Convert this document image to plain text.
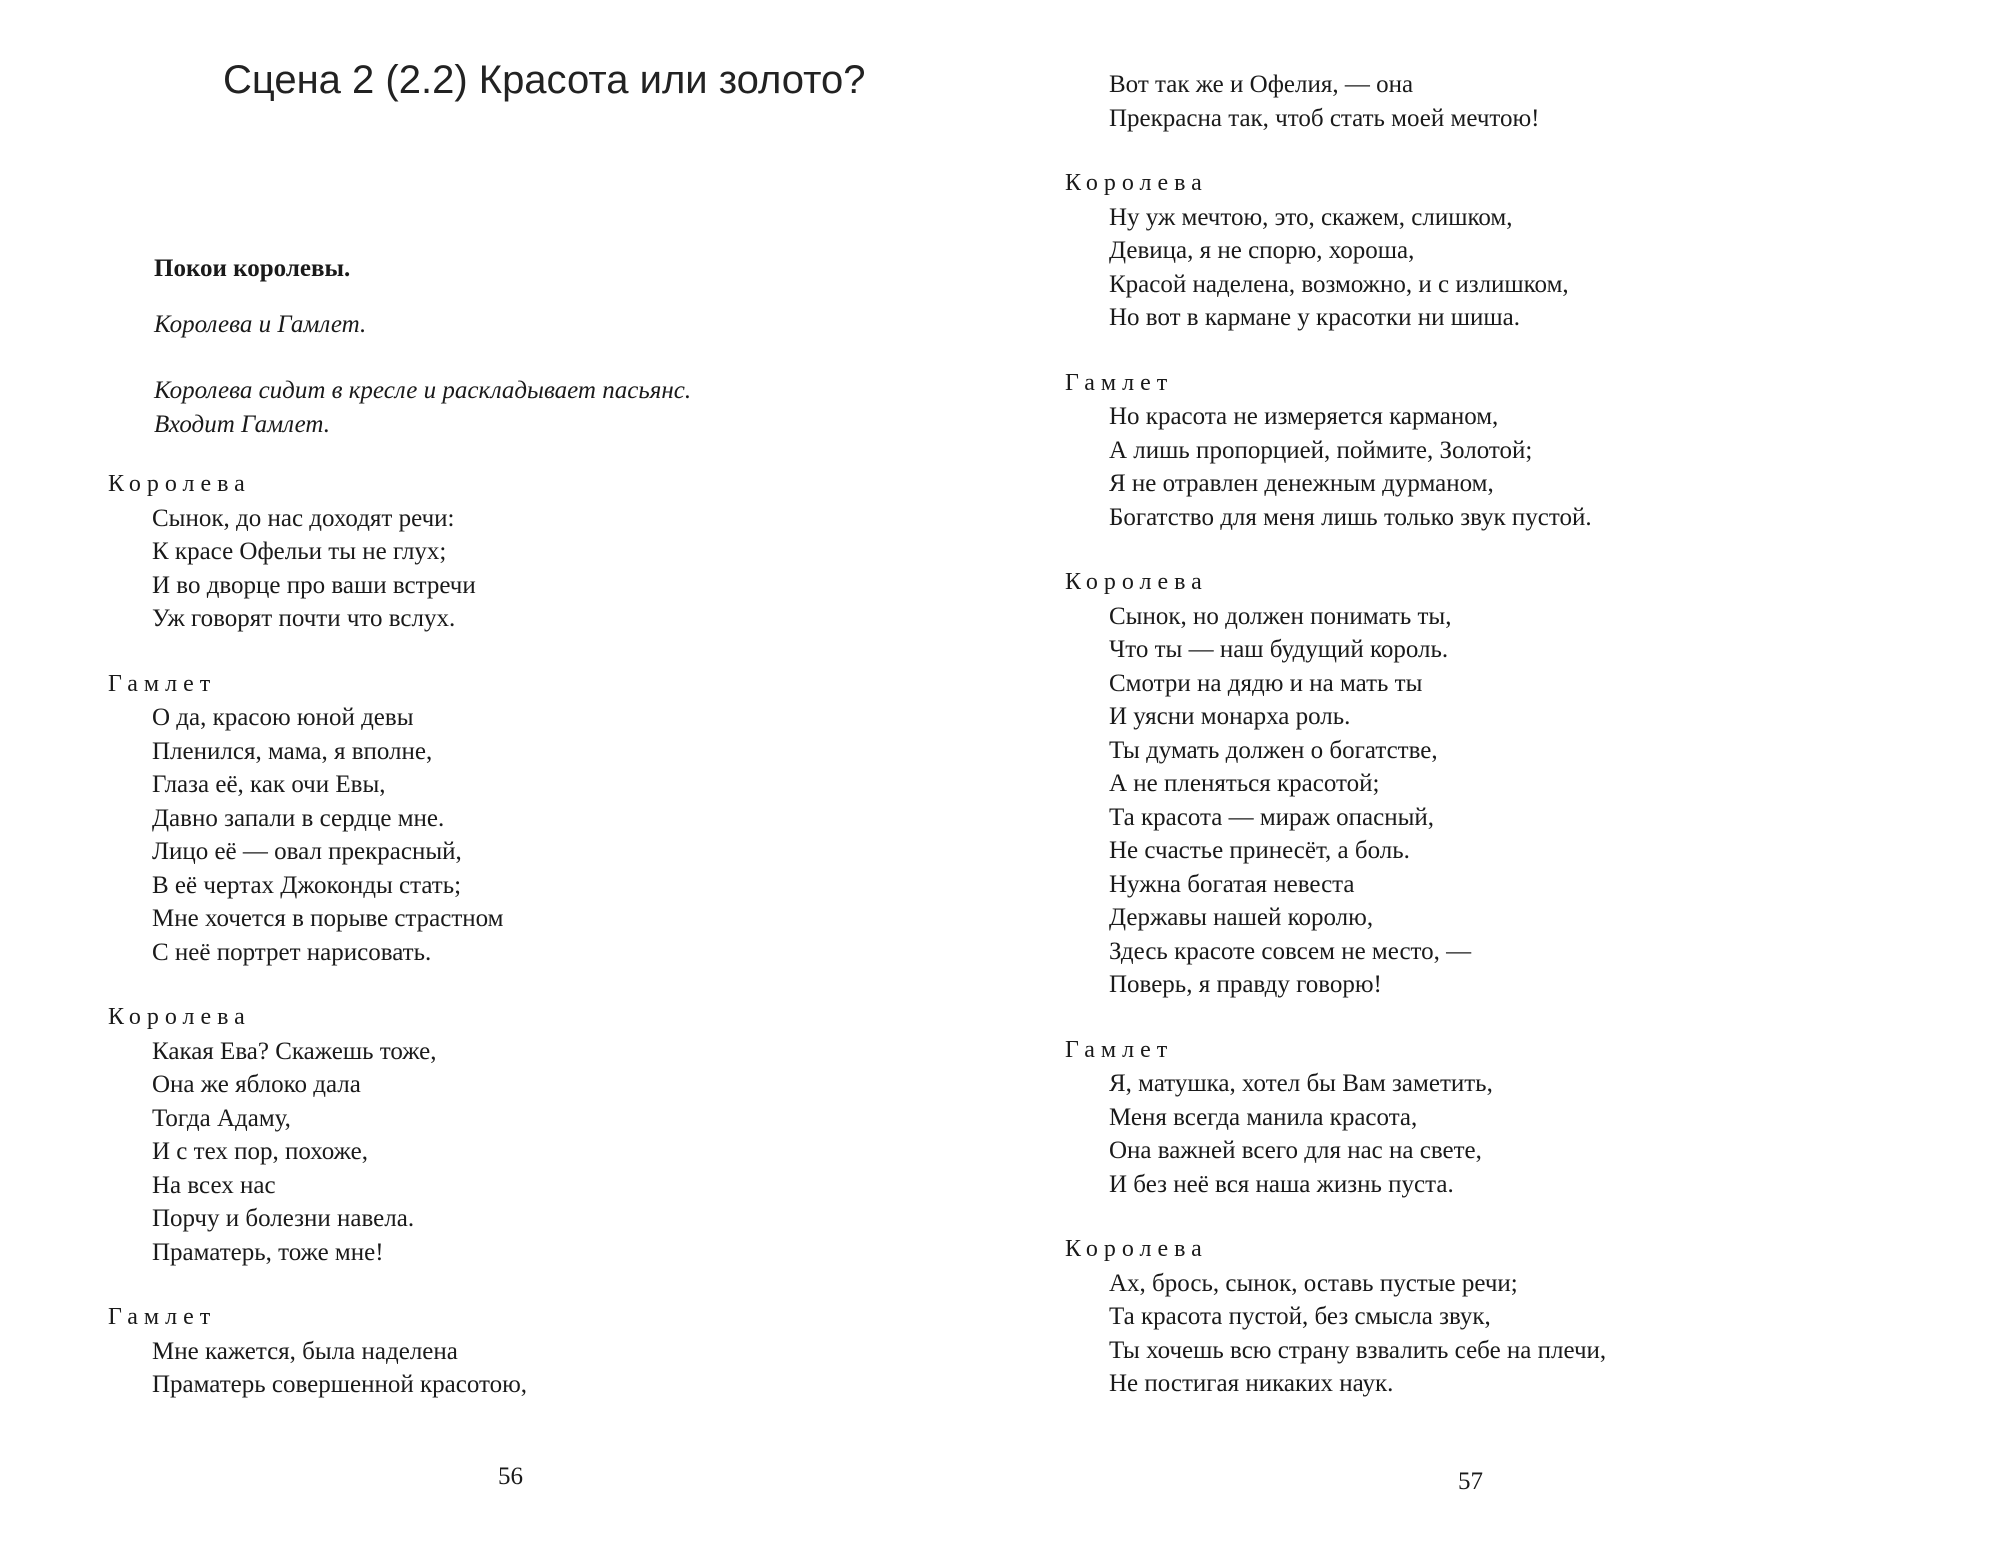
Сцена 2 (2.2) Красота или золото?

Покои королевы.

Королева и Гамлет.

Королева сидит в кресле и раскладывает пасьянс.

Входит Гамлет.

Королева
Сынок, до нас доходят речи:
К красе Офельи ты не глух;
И во дворце про ваши встречи
Уж говорят почти что вслух.
Гамлет
О да, красою юной девы
Пленился, мама, я вполне,
Глаза её, как очи Евы,
Давно запали в сердце мне.
Лицо её — овал прекрасный,
В её чертах Джоконды стать;
Мне хочется в порыве страстном
С неё портрет нарисовать.
Королева
Какая Ева? Скажешь тоже,
Она же яблоко дала
Тогда Адаму,
И с тех пор, похоже,
На всех нас
Порчу и болезни навела.
Праматерь, тоже мне!
Гамлет
Мне кажется, была наделена
Праматерь совершенной красотою,
56
Вот так же и Офелия, — она
Прекрасна так, чтоб стать моей мечтою!
Королева
Ну уж мечтою, это, скажем, слишком,
Девица, я не спорю, хороша,
Красой наделена, возможно, и с излишком,
Но вот в кармане у красотки ни шиша.
Гамлет
Но красота не измеряется карманом,
А лишь пропорцией, поймите, Золотой;
Я не отравлен денежным дурманом,
Богатство для меня лишь только звук пустой.
Королева
Сынок, но должен понимать ты,
Что ты — наш будущий король.
Смотри на дядю и на мать ты
И уясни монарха роль.
Ты думать должен о богатстве,
А не пленяться красотой;
Та красота — мираж опасный,
Не счастье принесёт, а боль.
Нужна богатая невеста
Державы нашей королю,
Здесь красоте совсем не место, —
Поверь, я правду говорю!
Гамлет
Я, матушка, хотел бы Вам заметить,
Меня всегда манила красота,
Она важней всего для нас на свете,
И без неё вся наша жизнь пуста.
Королева
Ах, брось, сынок, оставь пустые речи;
Та красота пустой, без смысла звук,
Ты хочешь всю страну взвалить себе на плечи,
Не постигая никаких наук.
57
